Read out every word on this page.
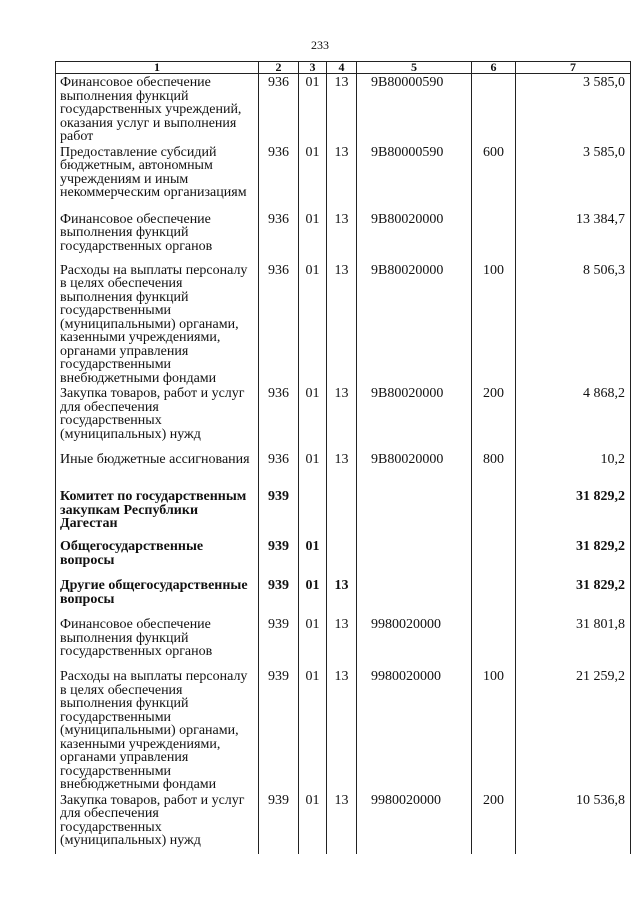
233
1	2	3	4	5	6	7
Финансовое обеспечение выполнения функций государственных учреждений, оказания услуг и выполнения работ	936	01	13	9В80000590		3 585,0
Предоставление субсидий бюджетным, автономным учреждениям и иным некоммерческим организациям	936	01	13	9В80000590	600	3 585,0
Финансовое обеспечение выполнения функций государственных органов	936	01	13	9В80020000		13 384,7
Расходы на выплаты персоналу в целях обеспечения выполнения функций государственными (муниципальными) органами, казенными учреждениями, органами управления государственными внебюджетными фондами	936	01	13	9В80020000	100	8 506,3
Закупка товаров, работ и услуг для обеспечения государственных (муниципальных) нужд	936	01	13	9В80020000	200	4 868,2
Иные бюджетные ассигнования	936	01	13	9В80020000	800	10,2
Комитет по государственным закупкам Республики Дагестан	939					31 829,2
Общегосударственные вопросы	939	01				31 829,2
Другие общегосударственные вопросы	939	01	13			31 829,2
Финансовое обеспечение выполнения функций государственных органов	939	01	13	9980020000		31 801,8
Расходы на выплаты персоналу в целях обеспечения выполнения функций государственными (муниципальными) органами, казенными учреждениями, органами управления государственными внебюджетными фондами	939	01	13	9980020000	100	21 259,2
Закупка товаров, работ и услуг для обеспечения государственных (муниципальных) нужд	939	01	13	9980020000	200	10 536,8
